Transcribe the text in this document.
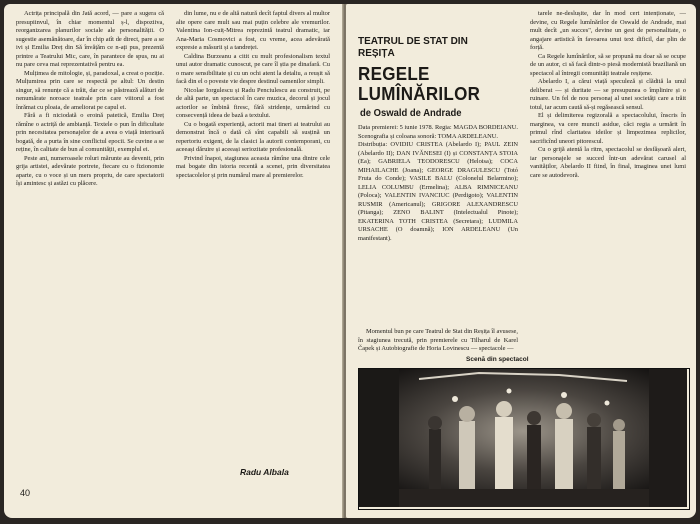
Actrița principală din Jată acord, — pare a sugera că presupiinvul, în chiar momentul ș-l, dispoziiva, reorganizarea planurilor sociale ale personalității. O sugestie asemănătoare, dar în chip atît de direct, pare a se ivi și Emilia Dreț din Să învățăm ce n-ați pus, prezentă printre a Teatrului Mic, care, în parantece de spus, nu ai nu pare ceva mai reprezentativă pentru ea.

Mulțimea de mitologie, și, paradoxal, a creat o poziție. Mulțumirea prin care se respectă pe altul: Un destin singur, să renunțe că a trăit, dar ce se păstrează alături de nenumărate noroace teatrale prin care viitorul a fost înrămat cu ploaia, de ameliorat pe capul ei.

Fără a fi niciodată o eroină patetică, Emilia Dreț rămîne o actriță de ambianță. Textele o pun în dificultate prin necesitatea personajelor de a avea o viață interioară bogată, de a purta în sine conflictul epocii. Se cuvine a se reține, în calitate de bun al comunității, exemplul ei.

Peste ani, numeroasele roluri mărunte au devenit, prin grija artistei, adevărate portrete, fiecare cu o fizionomie aparte, cu o voce și un mers propriu, de care spectatorii își amintesc și astăzi cu plăcere.

din lume, nu e de altă natură decît faptul divers al multor alte opere care mult sau mai puțin celebre ale vremurilor. Valentina Ion-cuiț-Mitrea reprezintă teatrul dramatic, iar Ana-Maria Cosmovici a fost, cu vreme, acea adevărată expresie a măsurii și a tandreței.

Caldina Burzeanu a citit cu mult profesionalism textul unui autor dramatic cunoscut, pe care îl știa pe dinafară. Cu o mare sensibilitate și cu un ochi atent la detaliu, a reușit să facă din el o poveste vie despre destinul oamenilor simpli.

Nicolae Iorgulescu și Radu Penciulescu au construit, pe de altă parte, un spectacol în care muzica, decorul și jocul actorilor se îmbină firesc, fără stridențe, urmărind cu consecvență ideea de bază a textului.

Cu o bogată experiență, actorii mai tineri ai teatrului au demonstrat încă o dată că sînt capabili să susțină un repertoriu exigent, de la clasici la autorii contemporani, cu aceeași dăruire și aceeași seriozitate profesională.

Privind înapoi, stagiunea aceasta rămîne una dintre cele mai bogate din istoria recentă a scenei, prin diversitatea spectacolelor și prin numărul mare al premierelor.

Radu Albala
40
TEATRUL DE STAT DIN REȘIȚA
REGELE LUMÎNĂRILOR
de Oswald de Andrade

Data premierei: 5 iunie 1978. Regia: MAGDA BORDEIANU. Scenografia și coloana sonoră: TOMA ARDELEANU.

Distribuția: OVIDIU CRISTEA (Abelardo I); PAUL ZEIN (Abelardo II); DAN IVĂNESEI (I) și CONSTANȚA STOIA (Ea); GABRIELA TEODORESCU (Heloisa); COCA MIHAILACHE (Joana); GEORGE DRAGULESCU (Totó Fruta do Conde); VASILE BALU (Colonelul Belarmino); LELIA COLUMBU (Ermelina); ALBA RIMNICEANU (Poloca); VALENTIN IVANCIUC (Perdigoto); VALENTIN RUSMIR (Americanul); GRIGORE ALEXANDRESCU (Pitanga); ZENO BALINT (Intelectualul Pinote); EKATERINA TOTH CRISTEA (Secretara); LUDMILA URSACHE (O doamnă); ION ARDELEANU (Un manifestant).

Momentul bun pe care Teatrul de Stat din Reșița îl avusese, în stagiunea trecută, prin premierele cu Tilharul de Karel Čapek și Autobiografie de Horia Lovinescu — spectacole —

tarele ne-deslușite, dar în mod cert intenționate, — devine, cu Regele lumînărilor de Oswald de Andrade, mai mult decît „un succes", devine un gest de personalitate, o angajare artistică în favoarea unui text dificil, dar plin de forță.

Ca Regele lumînărilor, să se propună nu doar să se ocupe de un autor, ci să facă dintr-o piesă modernistă braziliană un spectacol al întregii comunități teatrale reșițene.

Abelardo I, a cărui viață speculeză și clădită la unul deliberat — și duritate — se presupunea o împlinire și o ruinare. Un fel de nou personaj al unei societăți care a trăit totul, iar acum caută să-și regăsească sensul.

El și delimiterea regizorală a spectacolului, înscris în marginea, va cere muncii asidue, căci regia a urmărit în primul rînd claritatea ideilor și limpezimea replicilor, sacrificînd uneori pitorescul.

Cu o grijă atentă la ritm, spectacolul se desfășoară alert, iar personajele se succed într-un adevărat carusel al vanităților, Abelardo II fiind, în final, imaginea unei lumi care se autodevoră.

Scenă din spectacol
